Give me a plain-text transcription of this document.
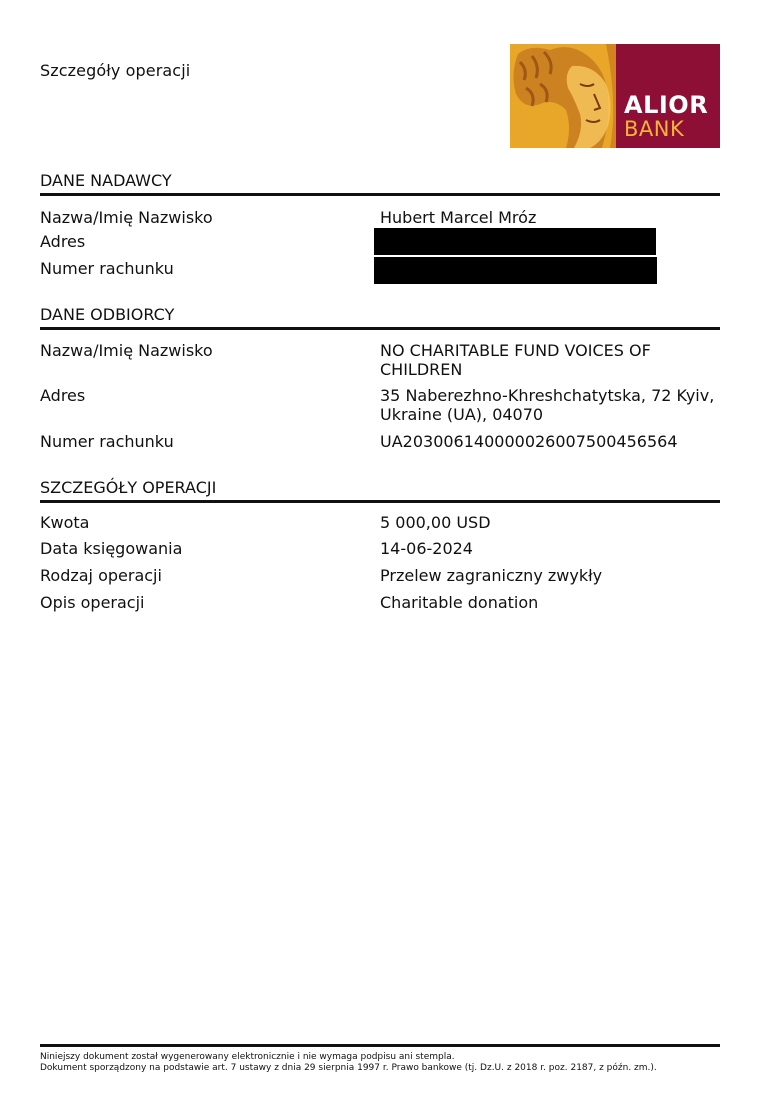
Szczegóły operacji
ALIOR
BANK
DANE NADAWCY
Nazwa/Imię Nazwisko	Hubert Marcel Mróz
Adres
Numer rachunku
DANE ODBIORCY
Nazwa/Imię Nazwisko	NO CHARITABLE FUND VOICES OF
CHILDREN
Adres	35 Naberezhno-Khreshchatytska, 72 Kyiv,
Ukraine (UA), 04070
Numer rachunku	UA203006140000026007500456564
SZCZEGÓŁY OPERACJI
Kwota	5 000,00 USD
Data księgowania	14-06-2024
Rodzaj operacji	Przelew zagraniczny zwykły
Opis operacji	Charitable donation
Niniejszy dokument został wygenerowany elektronicznie i nie wymaga podpisu ani stempla.
Dokument sporządzony na podstawie art. 7 ustawy z dnia 29 sierpnia 1997 r. Prawo bankowe (tj. Dz.U. z 2018 r. poz. 2187, z późn. zm.).
